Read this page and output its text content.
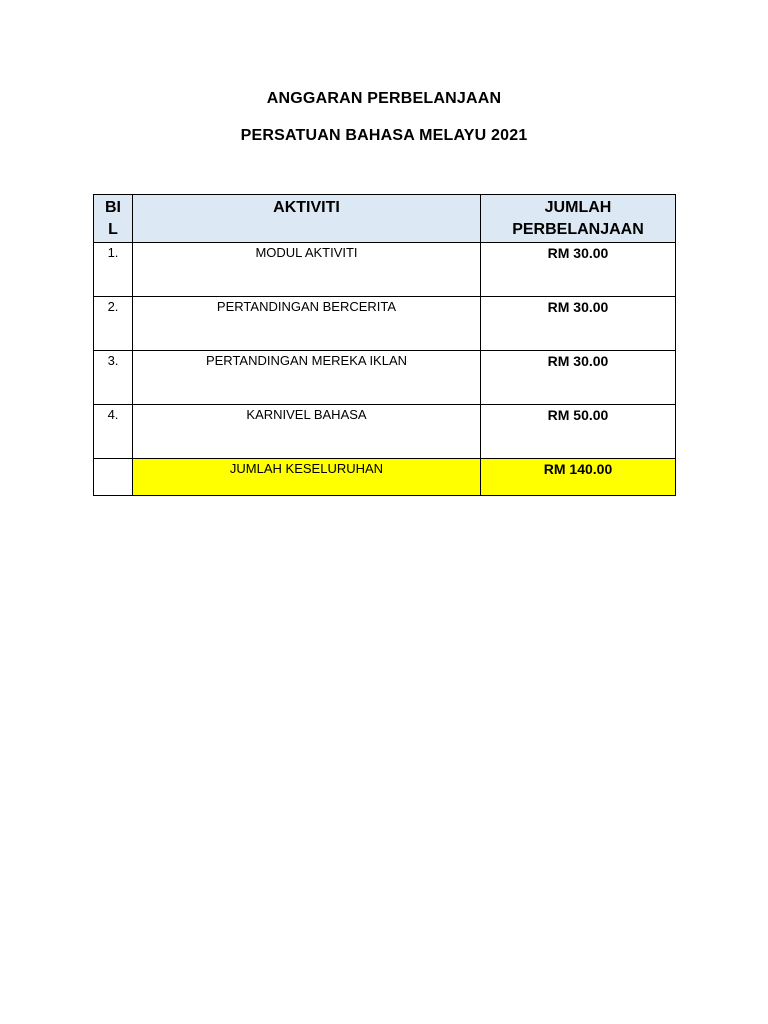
ANGGARAN PERBELANJAAN
PERSATUAN BAHASA MELAYU 2021
BI
L	AKTIVITI	JUMLAH
PERBELANJAAN

1.	MODUL AKTIVITI	RM 30.00
2.	PERTANDINGAN BERCERITA	RM 30.00
3.	PERTANDINGAN MEREKA IKLAN	RM 30.00
4.	KARNIVEL BAHASA	RM 50.00
	JUMLAH KESELURUHAN	RM 140.00
